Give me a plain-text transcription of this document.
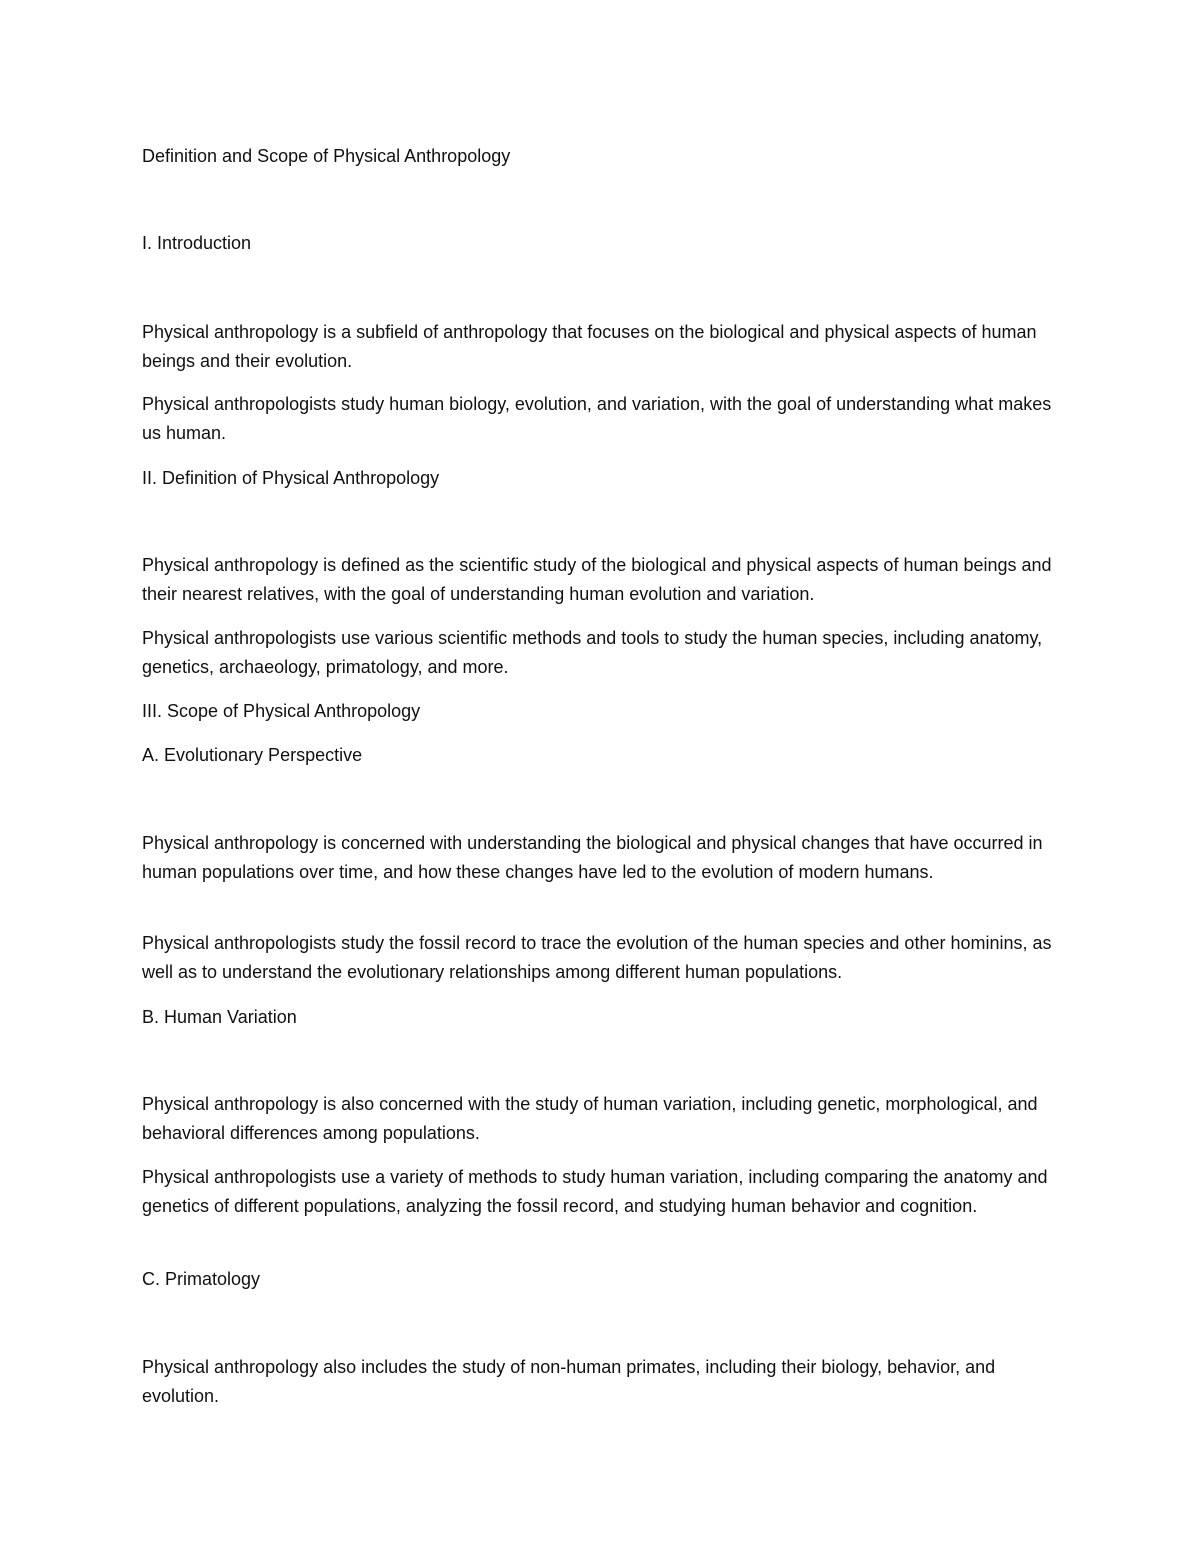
Definition and Scope of Physical Anthropology

I. Introduction

Physical anthropology is a subfield of anthropology that focuses on the biological and physical aspects of human beings and their evolution.

Physical anthropologists study human biology, evolution, and variation, with the goal of understanding what makes us human.

II. Definition of Physical Anthropology

Physical anthropology is defined as the scientific study of the biological and physical aspects of human beings and their nearest relatives, with the goal of understanding human evolution and variation.

Physical anthropologists use various scientific methods and tools to study the human species, including anatomy, genetics, archaeology, primatology, and more.

III. Scope of Physical Anthropology

A. Evolutionary Perspective

Physical anthropology is concerned with understanding the biological and physical changes that have occurred in human populations over time, and how these changes have led to the evolution of modern humans.

Physical anthropologists study the fossil record to trace the evolution of the human species and other hominins, as well as to understand the evolutionary relationships among different human populations.

B. Human Variation

Physical anthropology is also concerned with the study of human variation, including genetic, morphological, and behavioral differences among populations.

Physical anthropologists use a variety of methods to study human variation, including comparing the anatomy and genetics of different populations, analyzing the fossil record, and studying human behavior and cognition.

C. Primatology

Physical anthropology also includes the study of non-human primates, including their biology, behavior, and evolution.
